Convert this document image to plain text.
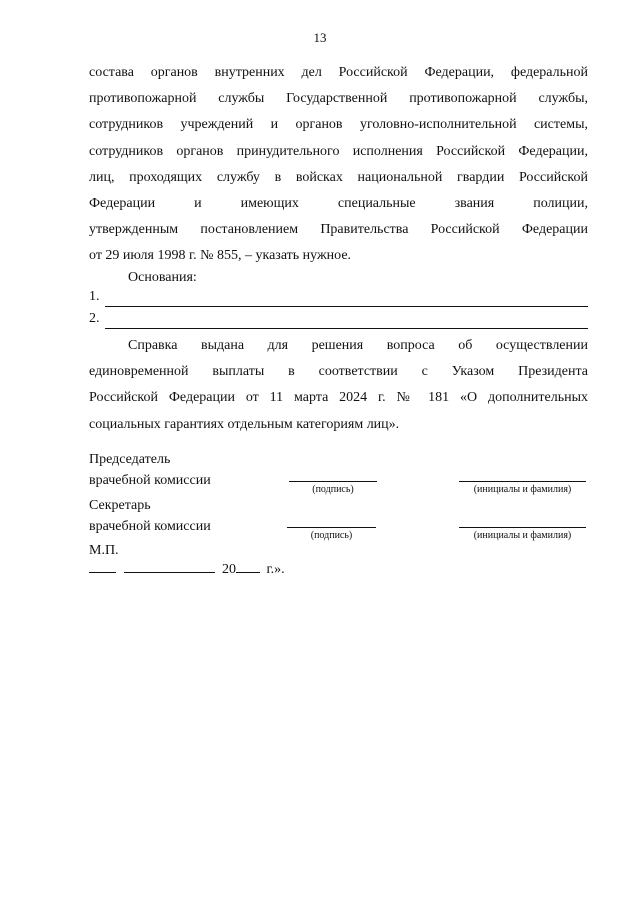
13
состава органов внутренних дел Российской Федерации, федеральной
противопожарной службы Государственной противопожарной службы,
сотрудников учреждений и органов уголовно-исполнительной системы,
сотрудников органов принудительного исполнения Российской Федерации,
лиц, проходящих службу в войсках национальной гвардии Российской
Федерации и имеющих специальные звания полиции,
утвержденным постановлением Правительства Российской Федерации
от 29 июля 1998 г. № 855, – указать нужное.
Основания:
1.
2.
Справка выдана для решения вопроса об осуществлении
единовременной выплаты в соответствии с Указом Президента
Российской Федерации от 11 марта 2024 г. № 181 «О дополнительных
социальных гарантиях отдельным категориям лиц».
Председатель
врачебной комиссии
(подпись)	(инициалы и фамилия)
Секретарь
врачебной комиссии
(подпись)	(инициалы и фамилия)
М.П.
20 г.».
